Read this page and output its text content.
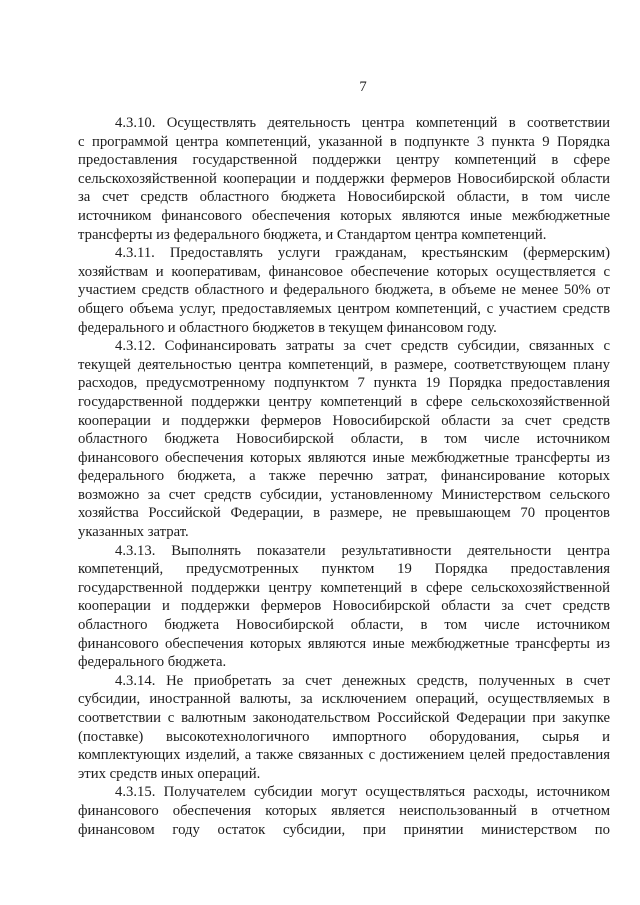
7
4.3.10. Осуществлять деятельность центра компетенций в соответствии
с программой центра компетенций, указанной в подпункте 3 пункта 9 Порядка
предоставления государственной поддержки центру компетенций в сфере
сельскохозяйственной кооперации и поддержки фермеров Новосибирской области
за счет средств областного бюджета Новосибирской области, в том числе
источником финансового обеспечения которых являются иные межбюджетные
трансферты из федерального бюджета, и Стандартом центра компетенций.
4.3.11. Предоставлять услуги гражданам, крестьянским (фермерским)
хозяйствам и кооперативам, финансовое обеспечение которых осуществляется с
участием средств областного и федерального бюджета, в объеме не менее 50% от
общего объема услуг, предоставляемых центром компетенций, с участием средств
федерального и областного бюджетов в текущем финансовом году.
4.3.12. Софинансировать затраты за счет средств субсидии, связанных с
текущей деятельностью центра компетенций, в размере, соответствующем плану
расходов, предусмотренному подпунктом 7 пункта 19 Порядка предоставления
государственной поддержки центру компетенций в сфере сельскохозяйственной
кооперации и поддержки фермеров Новосибирской области за счет средств
областного бюджета Новосибирской области, в том числе источником
финансового обеспечения которых являются иные межбюджетные трансферты из
федерального бюджета, а также перечню затрат, финансирование которых
возможно за счет средств субсидии, установленному Министерством сельского
хозяйства Российской Федерации, в размере, не превышающем 70 процентов
указанных затрат.
4.3.13. Выполнять показатели результативности деятельности центра
компетенций, предусмотренных пунктом 19 Порядка предоставления
государственной поддержки центру компетенций в сфере сельскохозяйственной
кооперации и поддержки фермеров Новосибирской области за счет средств
областного бюджета Новосибирской области, в том числе источником
финансового обеспечения которых являются иные межбюджетные трансферты из
федерального бюджета.
4.3.14. Не приобретать за счет денежных средств, полученных в счет
субсидии, иностранной валюты, за исключением операций, осуществляемых в
соответствии с валютным законодательством Российской Федерации при закупке
(поставке) высокотехнологичного импортного оборудования, сырья и
комплектующих изделий, а также связанных с достижением целей предоставления
этих средств иных операций.
4.3.15. Получателем субсидии могут осуществляться расходы, источником
финансового обеспечения которых является неиспользованный в отчетном
финансовом году остаток субсидии, при принятии министерством по
